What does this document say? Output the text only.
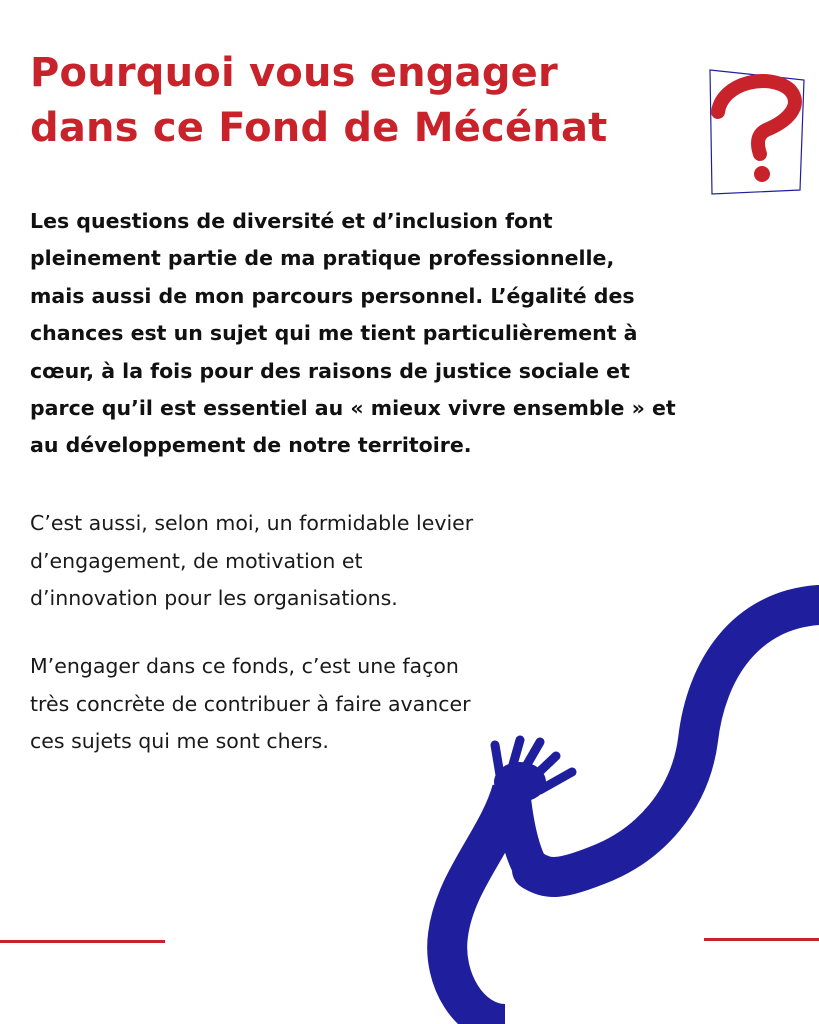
Pourquoi vous engager
dans ce Fond de Mécénat

Les questions de diversité et d’inclusion font
pleinement partie de ma pratique professionnelle,
mais aussi de mon parcours personnel. L’égalité des
chances est un sujet qui me tient particulièrement à
cœur, à la fois pour des raisons de justice sociale et
parce qu’il est essentiel au « mieux vivre ensemble » et
au développement de notre territoire.

C’est aussi, selon moi, un formidable levier
d’engagement, de motivation et
d’innovation pour les organisations.

M’engager dans ce fonds, c’est une façon
très concrète de contribuer à faire avancer
ces sujets qui me sont chers.
